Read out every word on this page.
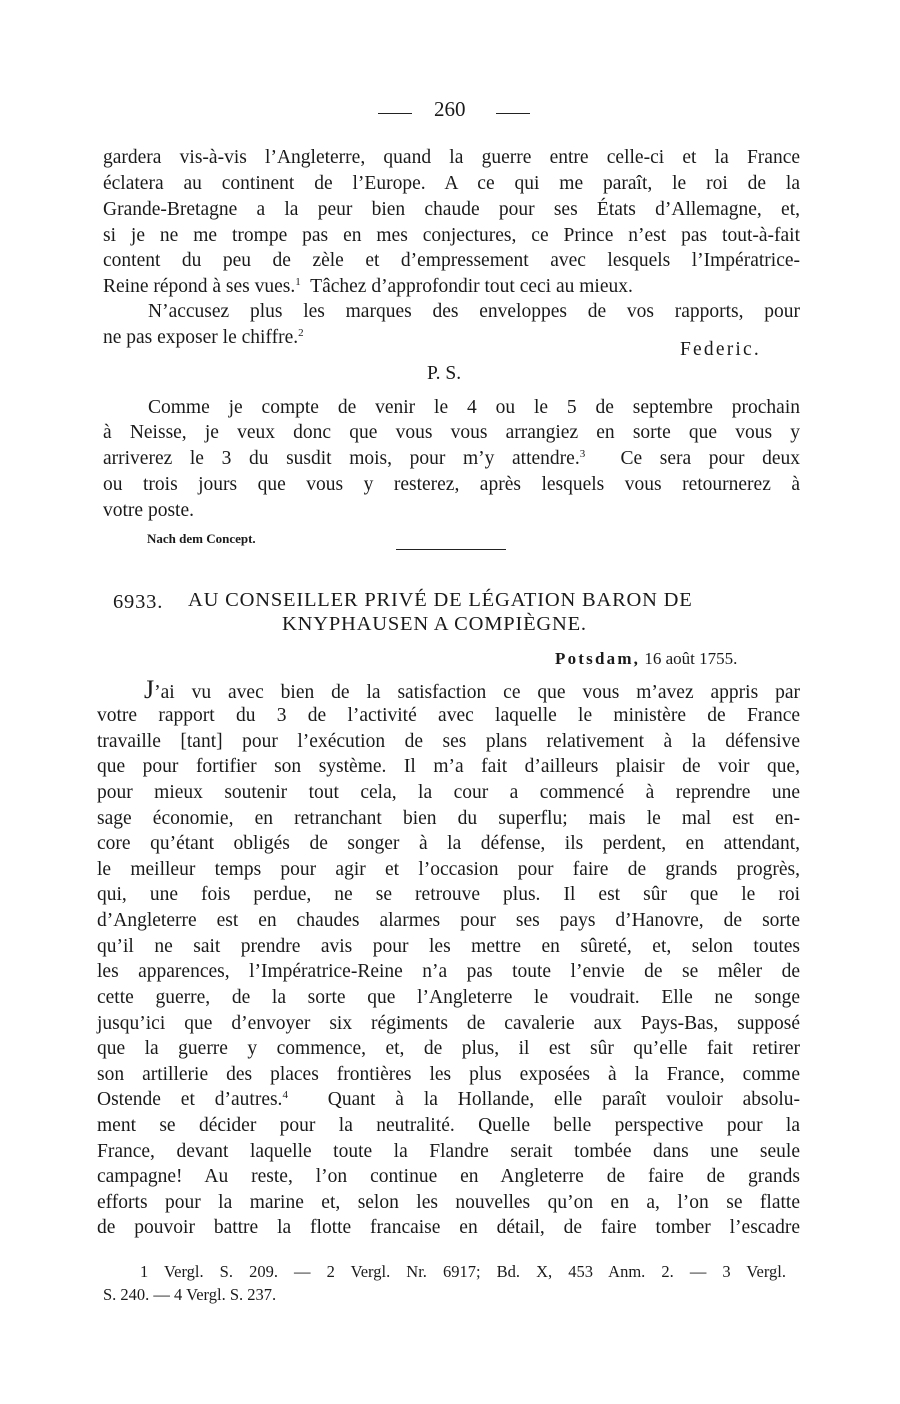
260
gardera vis-à-vis l’Angleterre, quand la guerre entre celle-ci et la France
éclatera au continent de l’Europe. A ce qui me paraît, le roi de la
Grande-Bretagne a la peur bien chaude pour ses États d’Allemagne, et,
si je ne me trompe pas en mes conjectures, ce Prince n’est pas tout-à-fait
content du peu de zèle et d’empressement avec lesquels l’Impératrice-
Reine répond à ses vues.$^1$ Tâchez d’approfondir tout ceci au mieux.
N’accusez plus les marques des enveloppes de vos rapports, pour
ne pas exposer le chiffre.$^2$
Federic.
P. S.
Comme je compte de venir le 4 ou le 5 de septembre prochain
à Neisse, je veux donc que vous vous arrangiez en sorte que vous y
arriverez le 3 du susdit mois, pour m’y attendre.$^3$ Ce sera pour deux
ou trois jours que vous y resterez, après lesquels vous retournerez à
votre poste.
Nach dem Concept.
6933. AU CONSEILLER PRIVÉ DE LÉGATION BARON DE
KNYPHAUSEN A COMPIÈGNE.
Potsdam, 16 août 1755.
J’ai vu avec bien de la satisfaction ce que vous m’avez appris par
votre rapport du 3 de l’activité avec laquelle le ministère de France
travaille [tant] pour l’exécution de ses plans relativement à la défensive
que pour fortifier son système. Il m’a fait d’ailleurs plaisir de voir que,
pour mieux soutenir tout cela, la cour a commencé à reprendre une
sage économie, en retranchant bien du superflu; mais le mal est en-
core qu’étant obligés de songer à la défense, ils perdent, en attendant,
le meilleur temps pour agir et l’occasion pour faire de grands progrès,
qui, une fois perdue, ne se retrouve plus. Il est sûr que le roi
d’Angleterre est en chaudes alarmes pour ses pays d’Hanovre, de sorte
qu’il ne sait prendre avis pour les mettre en sûreté, et, selon toutes
les apparences, l’Impératrice-Reine n’a pas toute l’envie de se mêler de
cette guerre, de la sorte que l’Angleterre le voudrait. Elle ne songe
jusqu’ici que d’envoyer six régiments de cavalerie aux Pays-Bas, supposé
que la guerre y commence, et, de plus, il est sûr qu’elle fait retirer
son artillerie des places frontières les plus exposées à la France, comme
Ostende et d’autres.$^4$ Quant à la Hollande, elle paraît vouloir absolu-
ment se décider pour la neutralité. Quelle belle perspective pour la
France, devant laquelle toute la Flandre serait tombée dans une seule
campagne! Au reste, l’on continue en Angleterre de faire de grands
efforts pour la marine et, selon les nouvelles qu’on en a, l’on se flatte
de pouvoir battre la flotte francaise en détail, de faire tomber l’escadre
1 Vergl. S. 209. — 2 Vergl. Nr. 6917; Bd. X, 453 Anm. 2. — 3 Vergl.
S. 240. — 4 Vergl. S. 237.
